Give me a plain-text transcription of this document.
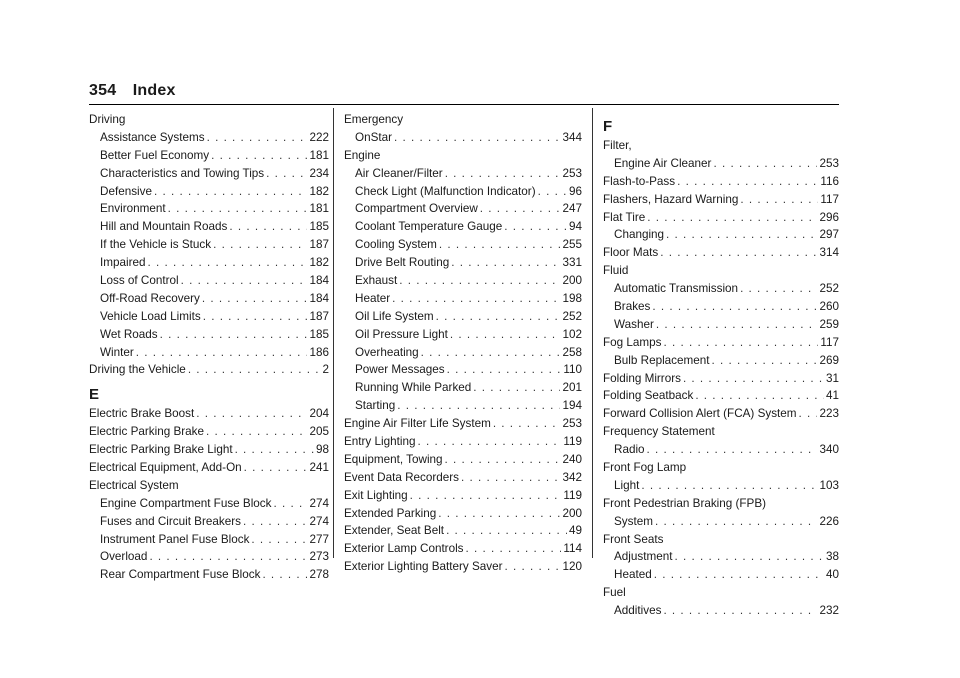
354 Index
Driving
Assistance Systems . . .	222
Better Fuel Economy . . .	181
Characteristics and Towing Tips . . .	234
Defensive . . .	182
Environment . . .	181
Hill and Mountain Roads . . .	185
If the Vehicle is Stuck . . .	187
Impaired . . .	182
Loss of Control . . .	184
Off-Road Recovery . . .	184
Vehicle Load Limits . . .	187
Wet Roads . . .	185
Winter . . .	186
Driving the Vehicle . . .	2
E
Electric Brake Boost . . .	204
Electric Parking Brake . . .	205
Electric Parking Brake Light . . .	98
Electrical Equipment, Add-On . . .	241
Electrical System
Engine Compartment Fuse Block . . .	274
Fuses and Circuit Breakers . . .	274
Instrument Panel Fuse Block . . .	277
Overload . . .	273
Rear Compartment Fuse Block . . .	278
Emergency
OnStar . . .	344
Engine
Air Cleaner/Filter . . .	253
Check Light (Malfunction Indicator) . . .	96
Compartment Overview . . .	247
Coolant Temperature Gauge . . .	94
Cooling System . . .	255
Drive Belt Routing . . .	331
Exhaust . . .	200
Heater . . .	198
Oil Life System . . .	252
Oil Pressure Light . . .	102
Overheating . . .	258
Power Messages . . .	110
Running While Parked . . .	201
Starting . . .	194
Engine Air Filter Life System . . .	253
Entry Lighting . . .	119
Equipment, Towing . . .	240
Event Data Recorders . . .	342
Exit Lighting . . .	119
Extended Parking . . .	200
Extender, Seat Belt . . .	49
Exterior Lamp Controls . . .	114
Exterior Lighting Battery Saver . . .	120
F
Filter,
Engine Air Cleaner . . .	253
Flash-to-Pass . . .	116
Flashers, Hazard Warning . . .	117
Flat Tire . . .	296
Changing . . .	297
Floor Mats . . .	314
Fluid
Automatic Transmission . . .	252
Brakes . . .	260
Washer . . .	259
Fog Lamps . . .	117
Bulb Replacement . . .	269
Folding Mirrors . . .	31
Folding Seatback . . .	41
Forward Collision Alert (FCA) System . . . 223
Frequency Statement
Radio . . .	340
Front Fog Lamp
Light . . .	103
Front Pedestrian Braking (FPB)
System . . .	226
Front Seats
Adjustment . . .	38
Heated . . .	40
Fuel
Additives . . .	232
